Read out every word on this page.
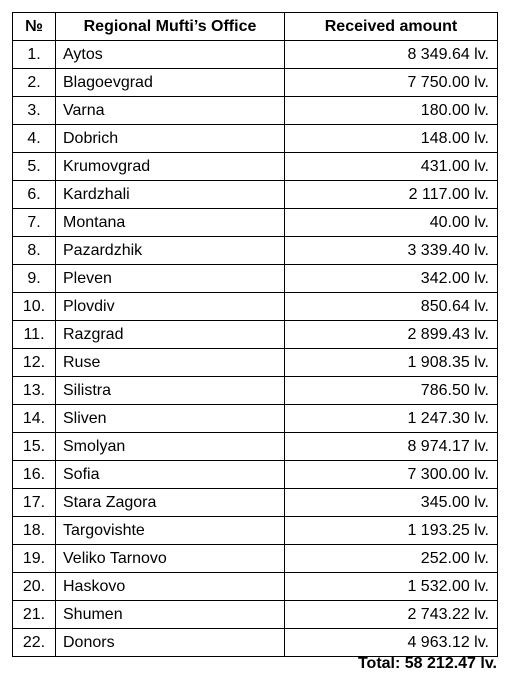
№	Regional Mufti’s Office	Received amount
1.	Aytos	8 349.64 lv.
2.	Blagoevgrad	7 750.00 lv.
3.	Varna	180.00 lv.
4.	Dobrich	148.00 lv.
5.	Krumovgrad	431.00 lv.
6.	Kardzhali	2 117.00 lv.
7.	Montana	40.00 lv.
8.	Pazardzhik	3 339.40 lv.
9.	Pleven	342.00 lv.
10.	Plovdiv	850.64 lv.
11.	Razgrad	2 899.43 lv.
12.	Ruse	1 908.35 lv.
13.	Silistra	786.50 lv.
14.	Sliven	1 247.30 lv.
15.	Smolyan	8 974.17 lv.
16.	Sofia	7 300.00 lv.
17.	Stara Zagora	345.00 lv.
18.	Targovishte	1 193.25 lv.
19.	Veliko Tarnovo	252.00 lv.
20.	Haskovo	1 532.00 lv.
21.	Shumen	2 743.22 lv.
22.	Donors	4 963.12 lv.
Total: 58 212.47 lv.
